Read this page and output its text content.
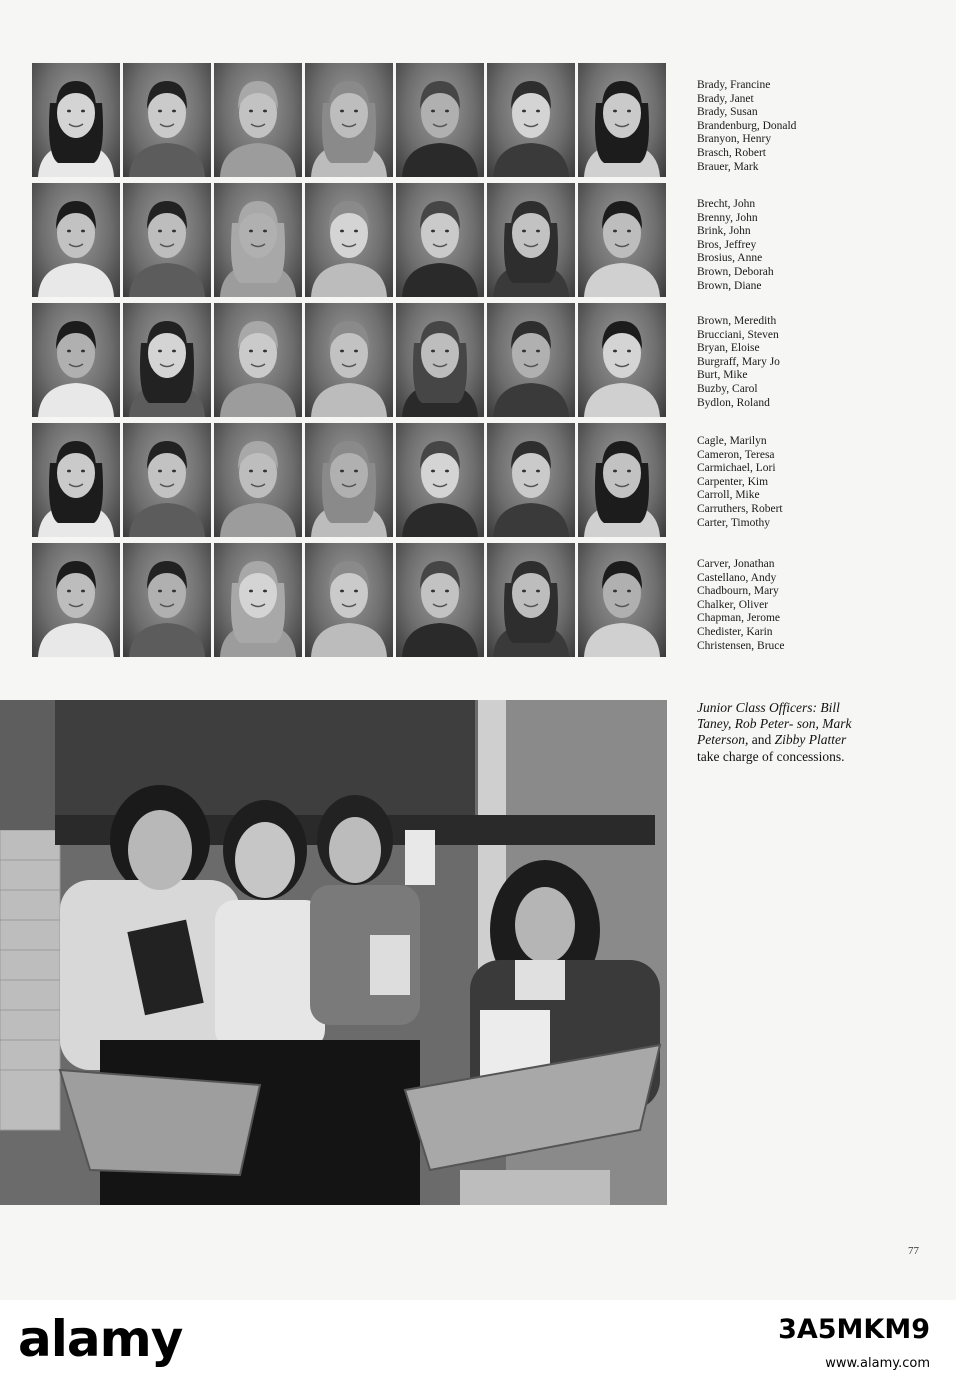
Brady, Francine
Brady, Janet
Brady, Susan
Brandenburg, Donald
Branyon, Henry
Brasch, Robert
Brauer, Mark
Brecht, John
Brenny, John
Brink, John
Bros, Jeffrey
Brosius, Anne
Brown, Deborah
Brown, Diane
Brown, Meredith
Brucciani, Steven
Bryan, Eloise
Burgraff, Mary Jo
Burt, Mike
Buzby, Carol
Bydlon, Roland
Cagle, Marilyn
Cameron, Teresa
Carmichael, Lori
Carpenter, Kim
Carroll, Mike
Carruthers, Robert
Carter, Timothy
Carver, Jonathan
Castellano, Andy
Chadbourn, Mary
Chalker, Oliver
Chapman, Jerome
Chedister, Karin
Christensen, Bruce
Junior Class Officers: Bill Taney, Rob Peter- son, Mark Peterson, and Zibby Platter take charge of concessions.
77
alamy	3A5MKM9
www.alamy.com
